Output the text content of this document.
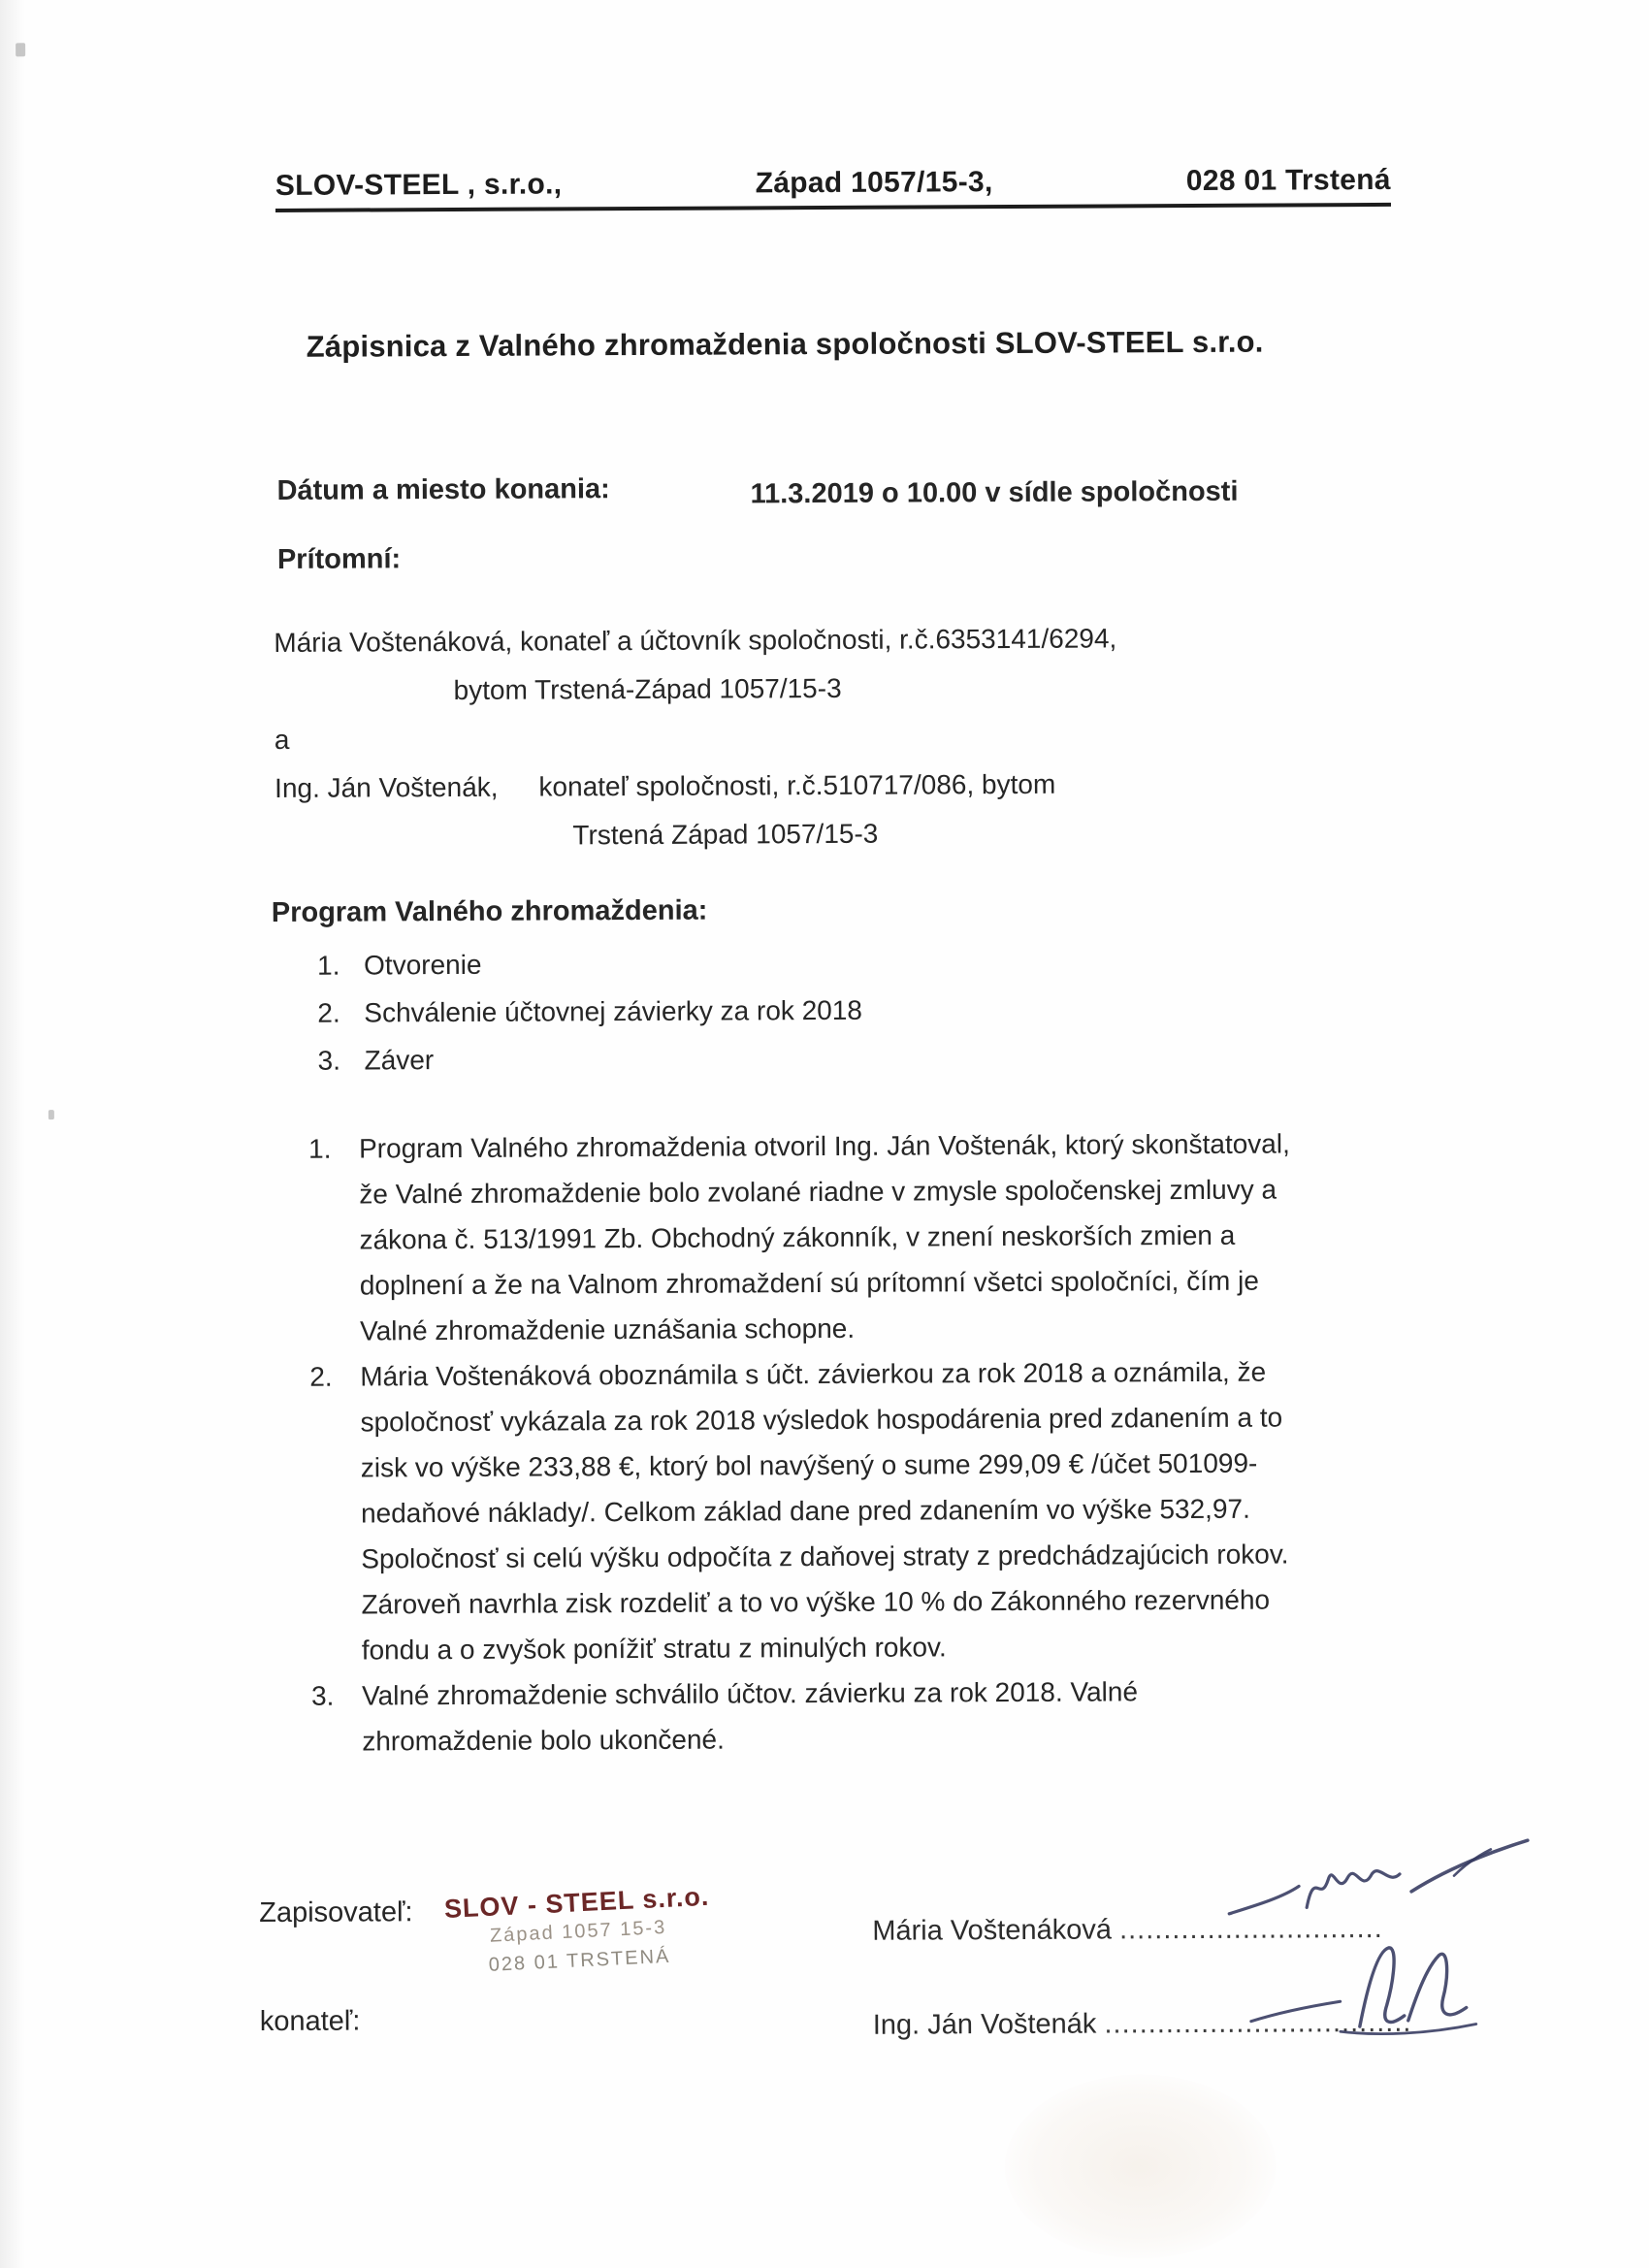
SLOV-STEEL , s.r.o.,	Západ 1057/15-3,	028 01 Trstená
Zápisnica z Valného zhromaždenia spoločnosti SLOV-STEEL s.r.o.
Dátum a miesto konania:	11.3.2019 o 10.00 v sídle spoločnosti
Prítomní:
Mária Voštenáková, konateľ a účtovník spoločnosti, r.č.6353141/6294,
bytom Trstená-Západ 1057/15-3
a
Ing. Ján Voštenák, konateľ spoločnosti, r.č.510717/086, bytom
Trstená Západ 1057/15-3
Program Valného zhromaždenia:
1. Otvorenie
2. Schválenie účtovnej závierky za rok 2018
3. Záver
1.	Program Valného zhromaždenia otvoril Ing. Ján Voštenák, ktorý skonštatoval, že Valné zhromaždenie bolo zvolané riadne v zmysle spoločenskej zmluvy a zákona č. 513/1991 Zb. Obchodný zákonník, v znení neskorších zmien a doplnení a že na Valnom zhromaždení sú prítomní všetci spoločníci, čím je Valné zhromaždenie uznášania schopne.
2.	Mária Voštenáková oboznámila s účt. závierkou za rok 2018 a oznámila, že spoločnosť vykázala za rok 2018 výsledok hospodárenia pred zdanením a to zisk vo výške 233,88 €, ktorý bol navýšený o sume 299,09 € /účet 501099-nedaňové náklady/. Celkom základ dane pred zdanením vo výške 532,97. Spoločnosť si celú výšku odpočíta z daňovej straty z predchádzajúcich rokov. Zároveň navrhla zisk rozdeliť a to vo výške 10 % do Zákonného rezervného fondu a o zvyšok ponížiť stratu z minulých rokov.
3.	Valné zhromaždenie schválilo účtov. závierku za rok 2018. Valné zhromaždenie bolo ukončené.
Zapisovateľ:
konateľ:
SLOV - STEEL s.r.o.
Západ 1057 15-3
028 01 TRSTENÁ
Mária Voštenáková ..............................
Ing. Ján Voštenák ...................................
